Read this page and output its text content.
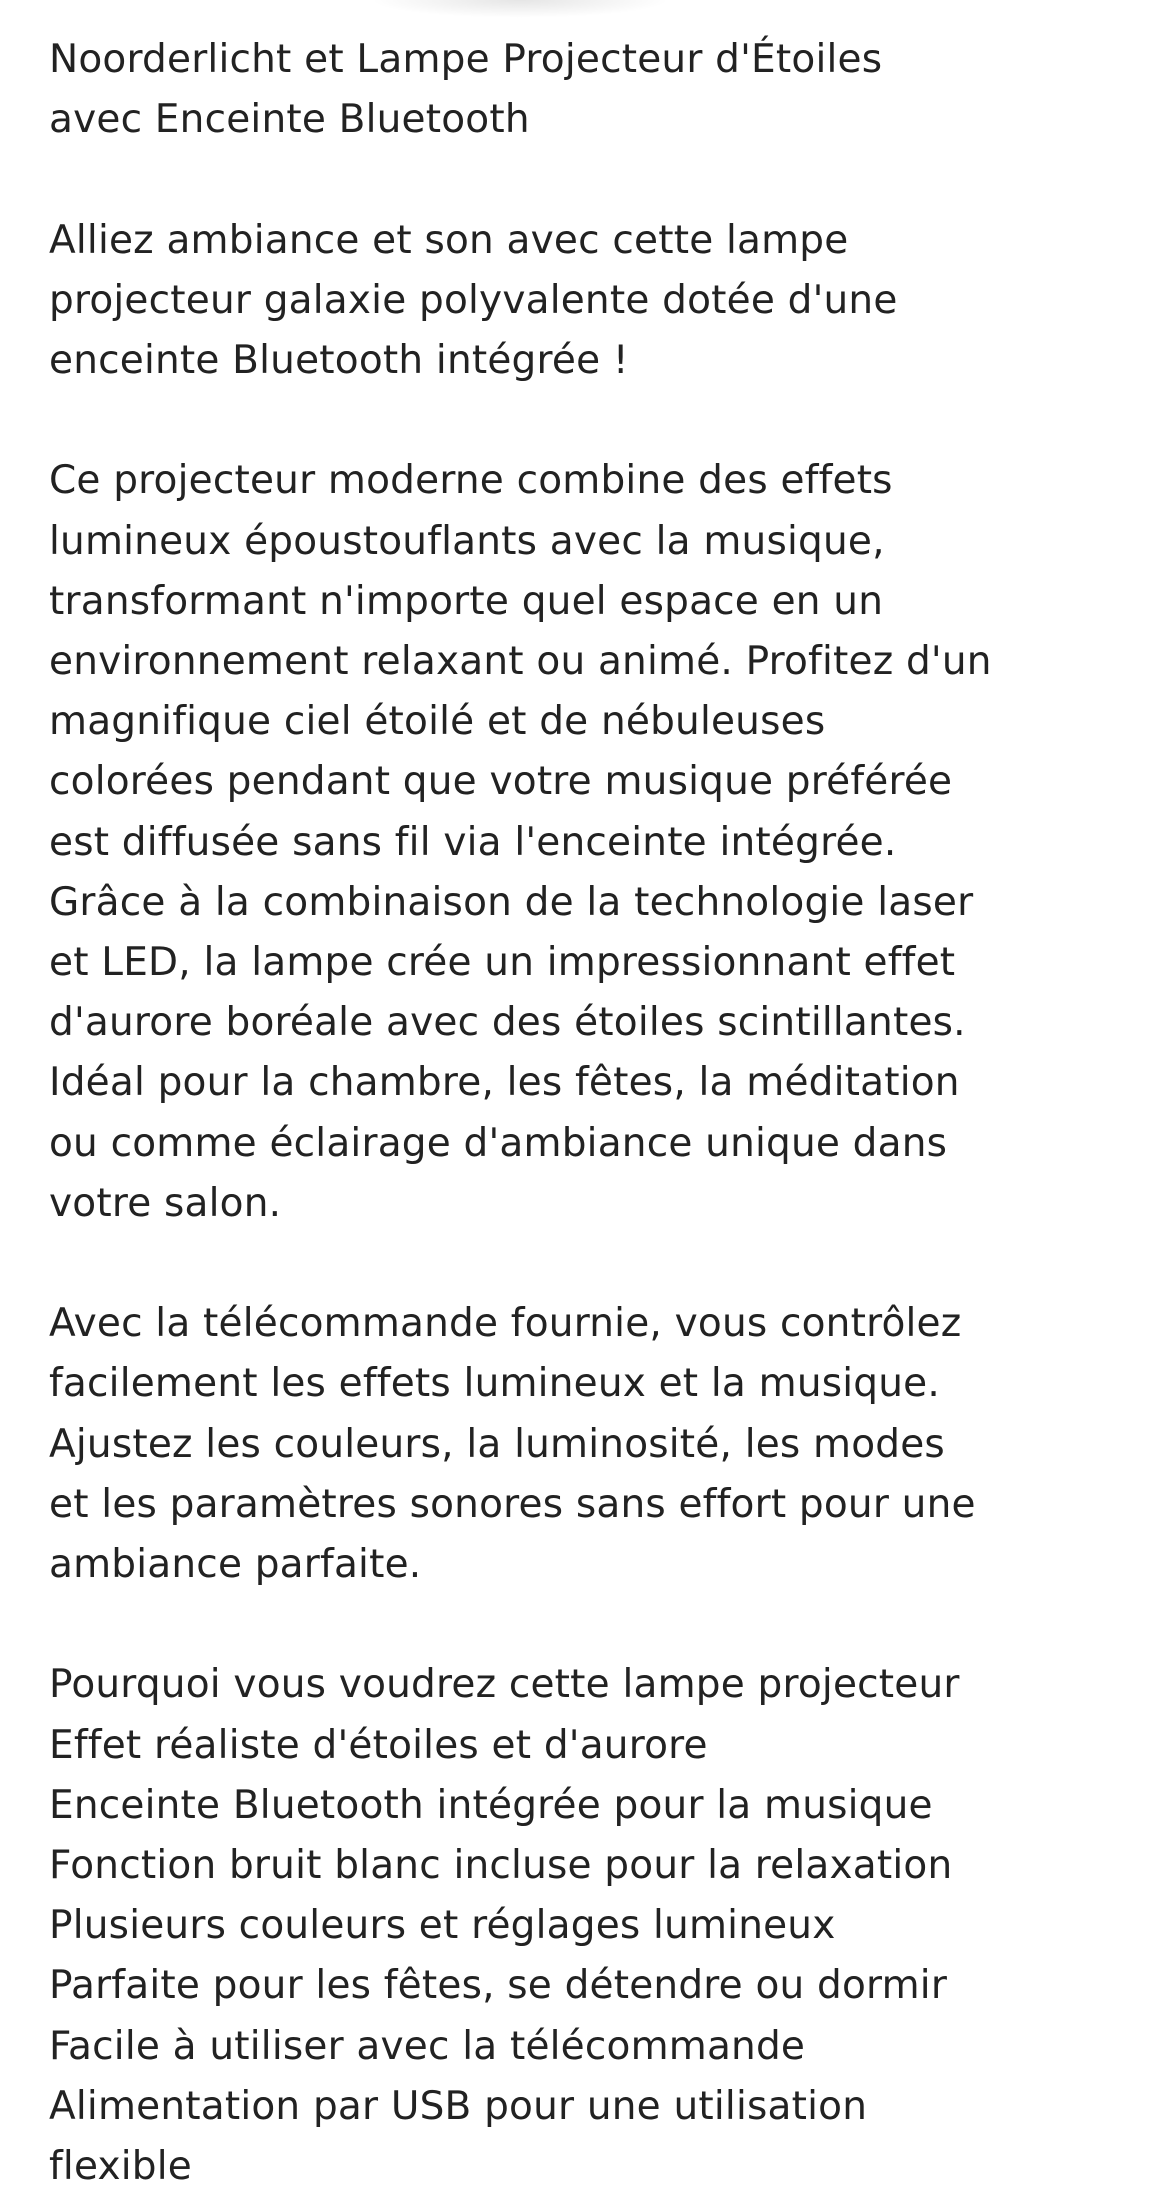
Noorderlicht et Lampe Projecteur d'Étoiles
avec Enceinte Bluetooth

Alliez ambiance et son avec cette lampe
projecteur galaxie polyvalente dotée d'une
enceinte Bluetooth intégrée !

Ce projecteur moderne combine des effets
lumineux époustouflants avec la musique,
transformant n'importe quel espace en un
environnement relaxant ou animé. Profitez d'un
magnifique ciel étoilé et de nébuleuses
colorées pendant que votre musique préférée
est diffusée sans fil via l'enceinte intégrée.
Grâce à la combinaison de la technologie laser
et LED, la lampe crée un impressionnant effet
d'aurore boréale avec des étoiles scintillantes.
Idéal pour la chambre, les fêtes, la méditation
ou comme éclairage d'ambiance unique dans
votre salon.

Avec la télécommande fournie, vous contrôlez
facilement les effets lumineux et la musique.
Ajustez les couleurs, la luminosité, les modes
et les paramètres sonores sans effort pour une
ambiance parfaite.

Pourquoi vous voudrez cette lampe projecteur
Effet réaliste d'étoiles et d'aurore
Enceinte Bluetooth intégrée pour la musique
Fonction bruit blanc incluse pour la relaxation
Plusieurs couleurs et réglages lumineux
Parfaite pour les fêtes, se détendre ou dormir
Facile à utiliser avec la télécommande
Alimentation par USB pour une utilisation
flexible
